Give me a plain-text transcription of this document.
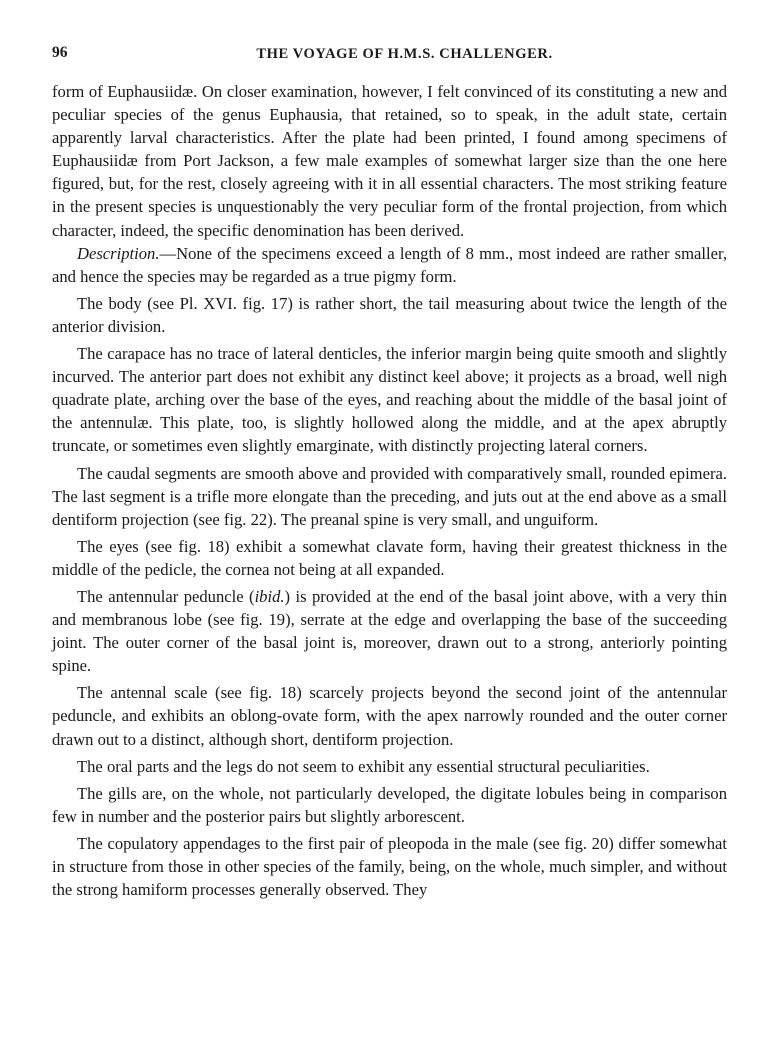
96	THE VOYAGE OF H.M.S. CHALLENGER.

form of Euphausiidæ. On closer examination, however, I felt convinced of its constituting a new and peculiar species of the genus Euphausia, that retained, so to speak, in the adult state, certain apparently larval characteristics. After the plate had been printed, I found among specimens of Euphausiidæ from Port Jackson, a few male examples of somewhat larger size than the one here figured, but, for the rest, closely agreeing with it in all essential characters. The most striking feature in the present species is unquestionably the very peculiar form of the frontal projection, from which character, indeed, the specific denomination has been derived.

Description.—None of the specimens exceed a length of 8 mm., most indeed are rather smaller, and hence the species may be regarded as a true pigmy form.

The body (see Pl. XVI. fig. 17) is rather short, the tail measuring about twice the length of the anterior division.

The carapace has no trace of lateral denticles, the inferior margin being quite smooth and slightly incurved. The anterior part does not exhibit any distinct keel above; it projects as a broad, well nigh quadrate plate, arching over the base of the eyes, and reaching about the middle of the basal joint of the antennulæ. This plate, too, is slightly hollowed along the middle, and at the apex abruptly truncate, or sometimes even slightly emarginate, with distinctly projecting lateral corners.

The caudal segments are smooth above and provided with comparatively small, rounded epimera. The last segment is a trifle more elongate than the preceding, and juts out at the end above as a small dentiform projection (see fig. 22). The preanal spine is very small, and unguiform.

The eyes (see fig. 18) exhibit a somewhat clavate form, having their greatest thickness in the middle of the pedicle, the cornea not being at all expanded.

The antennular peduncle (ibid.) is provided at the end of the basal joint above, with a very thin and membranous lobe (see fig. 19), serrate at the edge and overlapping the base of the succeeding joint. The outer corner of the basal joint is, moreover, drawn out to a strong, anteriorly pointing spine.

The antennal scale (see fig. 18) scarcely projects beyond the second joint of the antennular peduncle, and exhibits an oblong-ovate form, with the apex narrowly rounded and the outer corner drawn out to a distinct, although short, dentiform projection.

The oral parts and the legs do not seem to exhibit any essential structural peculiarities.

The gills are, on the whole, not particularly developed, the digitate lobules being in comparison few in number and the posterior pairs but slightly arborescent.

The copulatory appendages to the first pair of pleopoda in the male (see fig. 20) differ somewhat in structure from those in other species of the family, being, on the whole, much simpler, and without the strong hamiform processes generally observed. They
